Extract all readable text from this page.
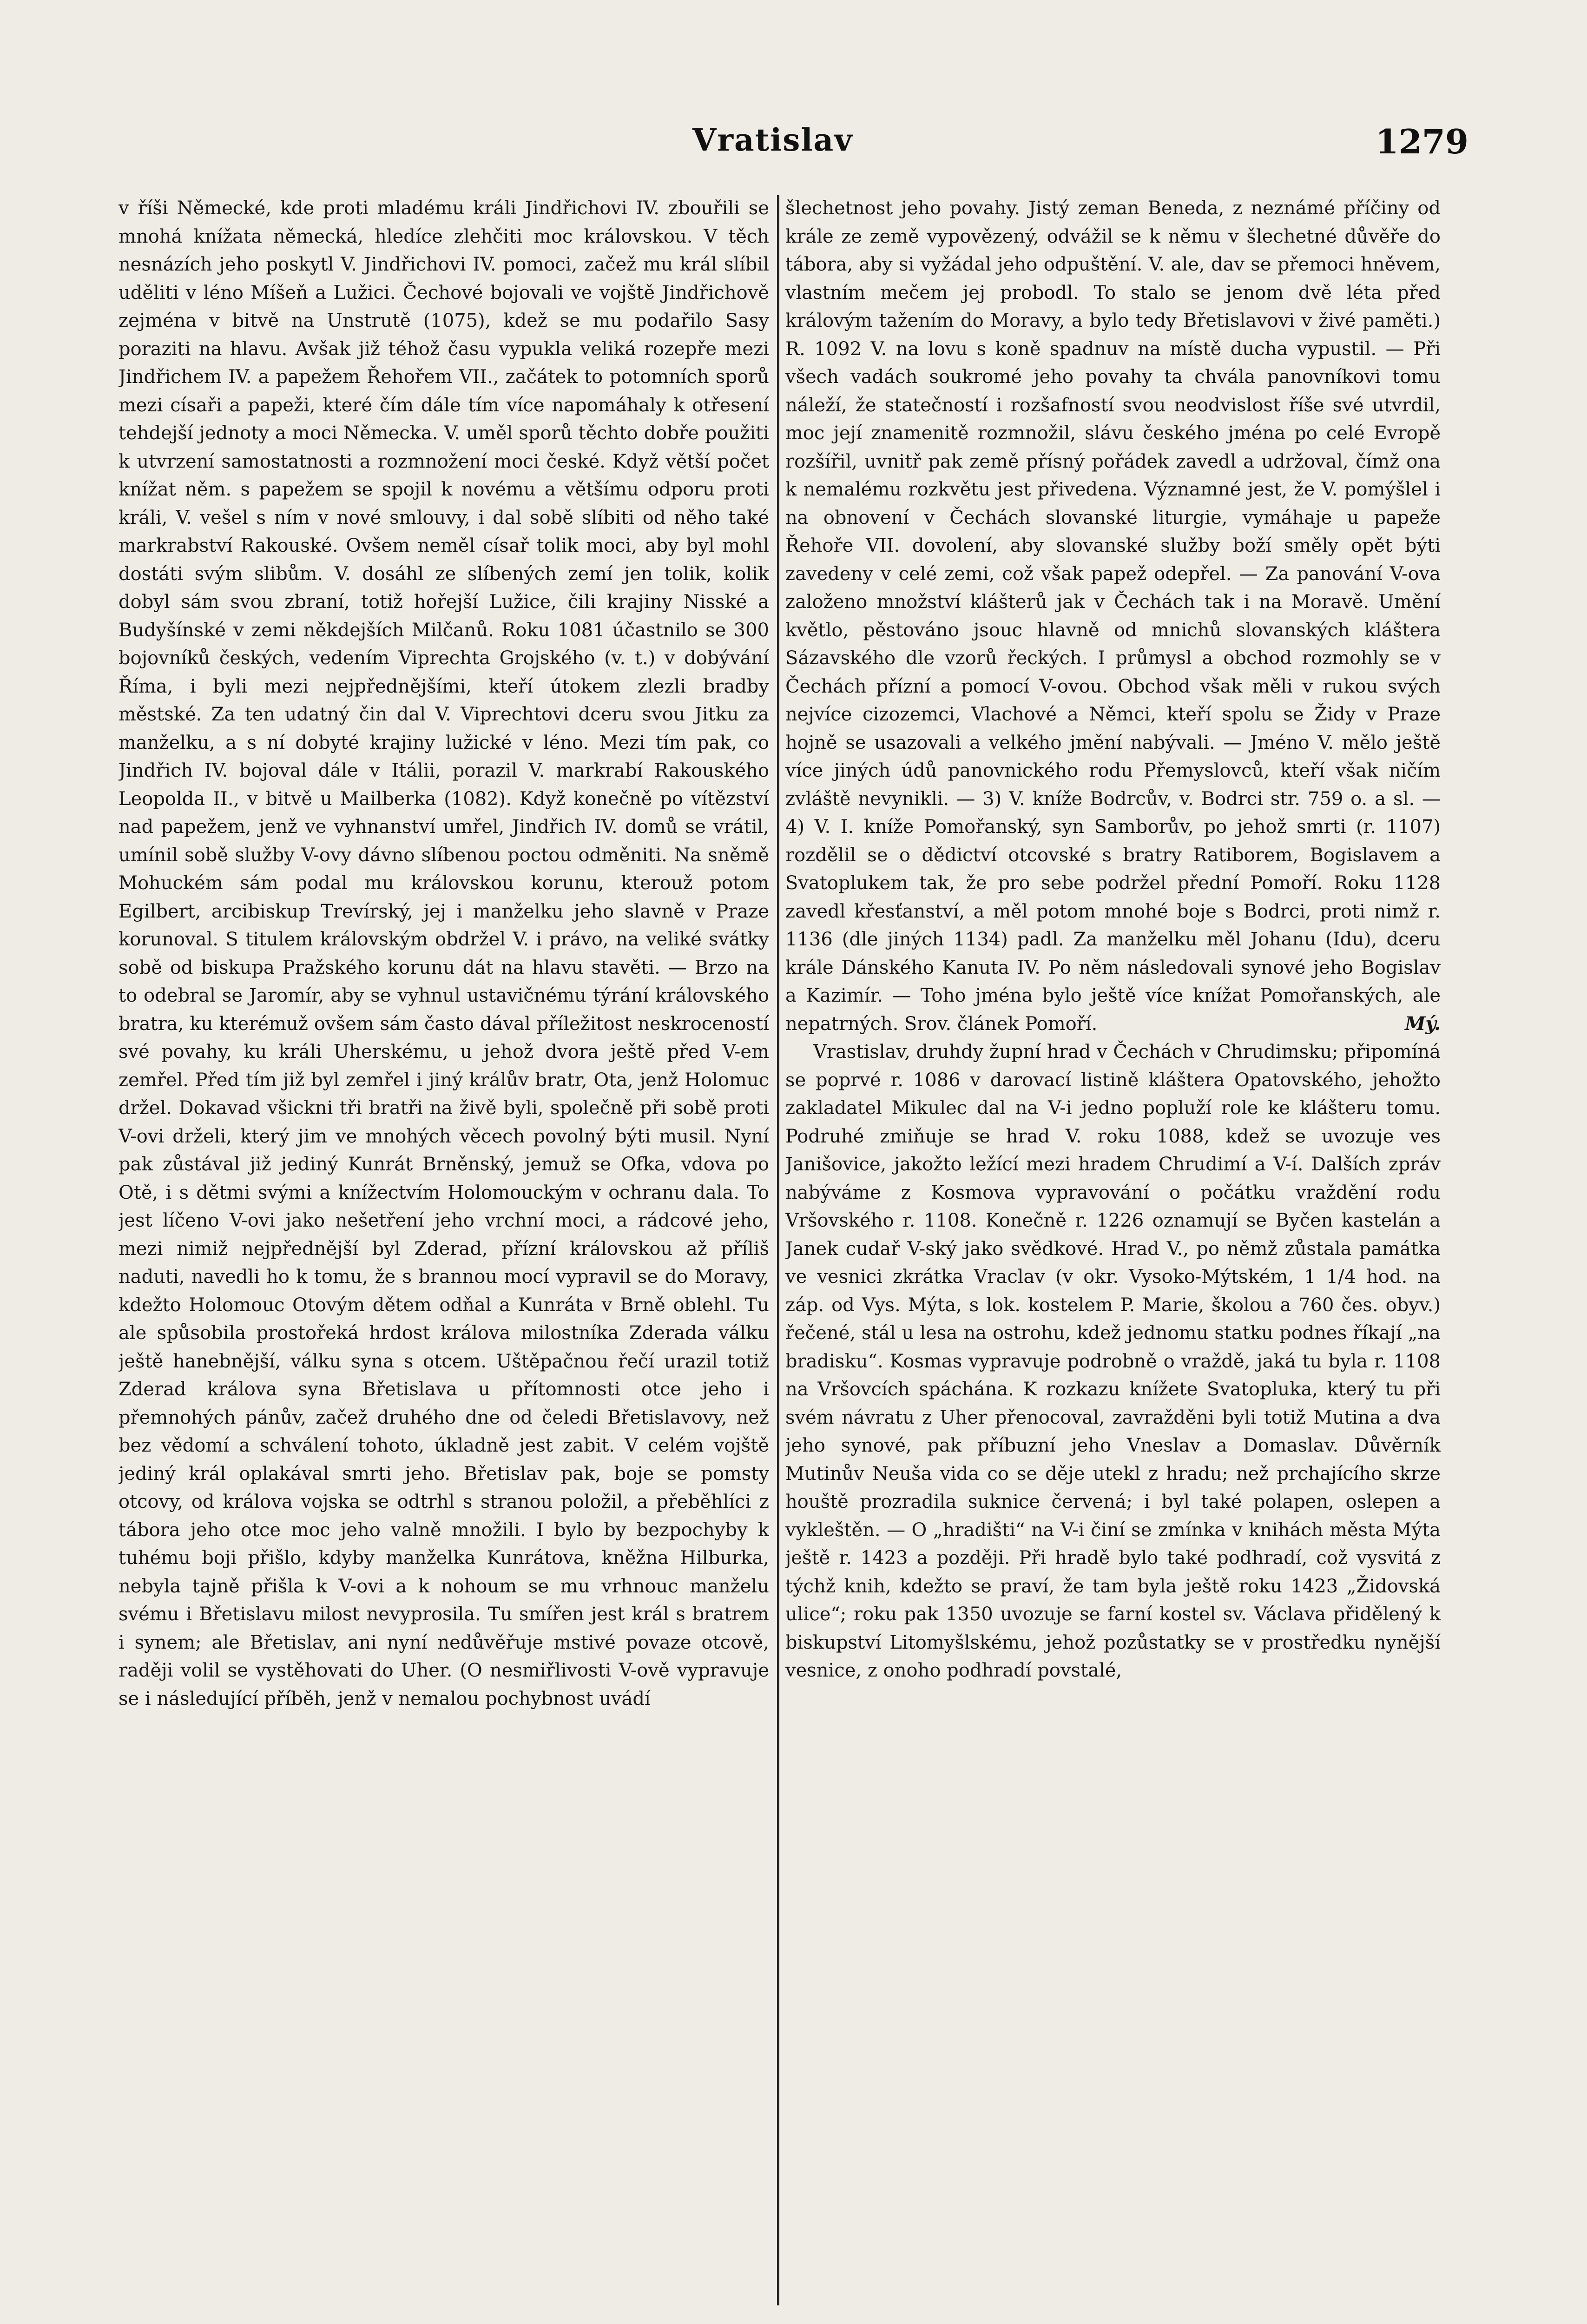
Vratislav	1279

v říši Německé, kde proti mladému králi Jindřichovi IV. zbouřili se mnohá knížata německá, hledíce zlehčiti moc královskou. V těch nesnázích jeho poskytl V. Jindřichovi IV. pomoci, začež mu král slíbil uděliti v léno Míšeň a Lužici. Čechové bojovali ve vojště Jindřichově zejména v bitvě na Unstrutě (1075), kdež se mu podařilo Sasy poraziti na hlavu. Avšak již téhož času vypukla veliká rozepře mezi Jindřichem IV. a papežem Řehořem VII., začátek to potomních sporů mezi císaři a papeži, které čím dále tím více napomáhaly k otřesení tehdejší jednoty a moci Německa. V. uměl sporů těchto dobře použiti k utvrzení samostatnosti a rozmnožení moci české. Když větší počet knížat něm. s papežem se spojil k novému a většímu odporu proti králi, V. vešel s ním v nové smlouvy, i dal sobě slíbiti od něho také markrabství Rakouské. Ovšem neměl císař tolik moci, aby byl mohl dostáti svým slibům. V. dosáhl ze slíbených zemí jen tolik, kolik dobyl sám svou zbraní, totiž hořejší Lužice, čili krajiny Nisské a Budyšínské v zemi někdejších Milčanů. Roku 1081 účastnilo se 300 bojovníků českých, vedením Viprechta Grojského (v. t.) v dobývání Říma, i byli mezi nejpřednějšími, kteří útokem zlezli bradby městské. Za ten udatný čin dal V. Viprechtovi dceru svou Jitku za manželku, a s ní dobyté krajiny lužické v léno. Mezi tím pak, co Jindřich IV. bojoval dále v Itálii, porazil V. markrabí Rakouského Leopolda II., v bitvě u Mailberka (1082). Když konečně po vítězství nad papežem, jenž ve vyhnanství umřel, Jindřich IV. domů se vrátil, umínil sobě služby V-ovy dávno slíbenou poctou odměniti. Na sněmě Mohuckém sám podal mu královskou korunu, kterouž potom Egilbert, arcibiskup Trevírský, jej i manželku jeho slavně v Praze korunoval. S titulem královským obdržel V. i právo, na veliké svátky sobě od biskupa Pražského korunu dát na hlavu stavěti. — Brzo na to odebral se Jaromír, aby se vyhnul ustavičnému týrání královského bratra, ku kterémuž ovšem sám často dával příležitost neskroceností své povahy, ku králi Uherskému, u jehož dvora ještě před V-em zemřel. Před tím již byl zemřel i jiný králův bratr, Ota, jenž Holomuc držel. Dokavad všickni tři bratři na živě byli, společně při sobě proti V-ovi drželi, který jim ve mnohých věcech povolný býti musil. Nyní pak zůstával již jediný Kunrát Brněnský, jemuž se Ofka, vdova po Otě, i s dětmi svými a knížectvím Holomouckým v ochranu dala. To jest líčeno V-ovi jako nešetření jeho vrchní moci, a rádcové jeho, mezi nimiž nejpřednější byl Zderad, přízní královskou až příliš naduti, navedli ho k tomu, že s brannou mocí vypravil se do Moravy, kdežto Holomouc Otovým dětem odňal a Kunráta v Brně oblehl. Tu ale spůsobila prostořeká hrdost králova milostníka Zderada válku ještě hanebnější, válku syna s otcem. Uštěpačnou řečí urazil totiž Zderad králova syna Břetislava u přítomnosti otce jeho i přemnohých pánův, začež druhého dne od čeledi Břetislavovy, než bez vědomí a schválení tohoto, úkladně jest zabit. V celém vojště jediný král oplakával smrti jeho. Břetislav pak, boje se pomsty otcovy, od králova vojska se odtrhl s stranou položil, a přeběhlíci z tábora jeho otce moc jeho valně množili. I bylo by bezpochyby k tuhému boji přišlo, kdyby manželka Kunrátova, kněžna Hilburka, nebyla tajně přišla k V-ovi a k nohoum se mu vrhnouc manželu svému i Břetislavu milost nevyprosila. Tu smířen jest král s bratrem i synem; ale Břetislav, ani nyní nedůvěřuje mstivé povaze otcově, raději volil se vystěhovati do Uher. (O nesmiřlivosti V-ově vypravuje se i následující příběh, jenž v nemalou pochybnost uvádí

šlechetnost jeho povahy. Jistý zeman Beneda, z neznámé příčiny od krále ze země vypovězený, odvážil se k němu v šlechetné důvěře do tábora, aby si vyžádal jeho odpuštění. V. ale, dav se přemoci hněvem, vlastním mečem jej probodl. To stalo se jenom dvě léta před královým tažením do Moravy, a bylo tedy Břetislavovi v živé paměti.) R. 1092 V. na lovu s koně spadnuv na místě ducha vypustil. — Při všech vadách soukromé jeho povahy ta chvála panovníkovi tomu náleží, že statečností i rozšafností svou neodvislost říše své utvrdil, moc její znamenitě rozmnožil, slávu českého jména po celé Evropě rozšířil, uvnitř pak země přísný pořádek zavedl a udržoval, čímž ona k nemalému rozkvětu jest přivedena. Významné jest, že V. pomýšlel i na obnovení v Čechách slovanské liturgie, vymáhaje u papeže Řehoře VII. dovolení, aby slovanské služby boží směly opět býti zavedeny v celé zemi, což však papež odepřel. — Za panování V-ova založeno množství klášterů jak v Čechách tak i na Moravě. Umění květlo, pěstováno jsouc hlavně od mnichů slovanských kláštera Sázavského dle vzorů řeckých. I průmysl a obchod rozmohly se v Čechách přízní a pomocí V-ovou. Obchod však měli v rukou svých nejvíce cizozemci, Vlachové a Němci, kteří spolu se Židy v Praze hojně se usazovali a velkého jmění nabývali. — Jméno V. mělo ještě více jiných údů panovnického rodu Přemyslovců, kteří však ničím zvláště nevynikli. — 3) V. kníže Bodrcův, v. Bodrci str. 759 o. a sl. — 4) V. I. kníže Pomořanský, syn Samborův, po jehož smrti (r. 1107) rozdělil se o dědictví otcovské s bratry Ratiborem, Bogislavem a Svatoplukem tak, že pro sebe podržel přední Pomoří. Roku 1128 zavedl křesťanství, a měl potom mnohé boje s Bodrci, proti nimž r. 1136 (dle jiných 1134) padl. Za manželku měl Johanu (Idu), dceru krále Dánského Kanuta IV. Po něm následovali synové jeho Bogislav a Kazimír. — Toho jména bylo ještě více knížat Pomořanských, ale nepatrných. Srov. článek Pomoří.	Mý.

Vrastislav, druhdy župní hrad v Čechách v Chrudimsku; připomíná se poprvé r. 1086 v darovací listině kláštera Opatovského, jehožto zakladatel Mikulec dal na V-i jedno popluží role ke klášteru tomu. Podruhé zmiňuje se hrad V. roku 1088, kdež se uvozuje ves Janišovice, jakožto ležící mezi hradem Chrudimí a V-í. Dalších zpráv nabýváme z Kosmova vypravování o počátku vraždění rodu Vršovského r. 1108. Konečně r. 1226 oznamují se Byčen kastelán a Janek cudař V-ský jako svědkové. Hrad V., po němž zůstala památka ve vesnici zkrátka Vraclav (v okr. Vysoko-Mýtském, 1 1/4 hod. na záp. od Vys. Mýta, s lok. kostelem P. Marie, školou a 760 čes. obyv.) řečené, stál u lesa na ostrohu, kdež jednomu statku podnes říkají „na bradisku“. Kosmas vypravuje podrobně o vraždě, jaká tu byla r. 1108 na Vršovcích spáchána. K rozkazu knížete Svatopluka, který tu při svém návratu z Uher přenocoval, zavražděni byli totiž Mutina a dva jeho synové, pak příbuzní jeho Vneslav a Domaslav. Důvěrník Mutinův Neuša vida co se děje utekl z hradu; než prchajícího skrze houště prozradila suknice červená; i byl také polapen, oslepen a vykleštěn. — O „hradišti“ na V-i činí se zmínka v knihách města Mýta ještě r. 1423 a později. Při hradě bylo také podhradí, což vysvitá z týchž knih, kdežto se praví, že tam byla ještě roku 1423 „Židovská ulice“; roku pak 1350 uvozuje se farní kostel sv. Václava přidělený k biskupství Litomyšlskému, jehož pozůstatky se v prostředku nynější vesnice, z onoho podhradí povstalé,
